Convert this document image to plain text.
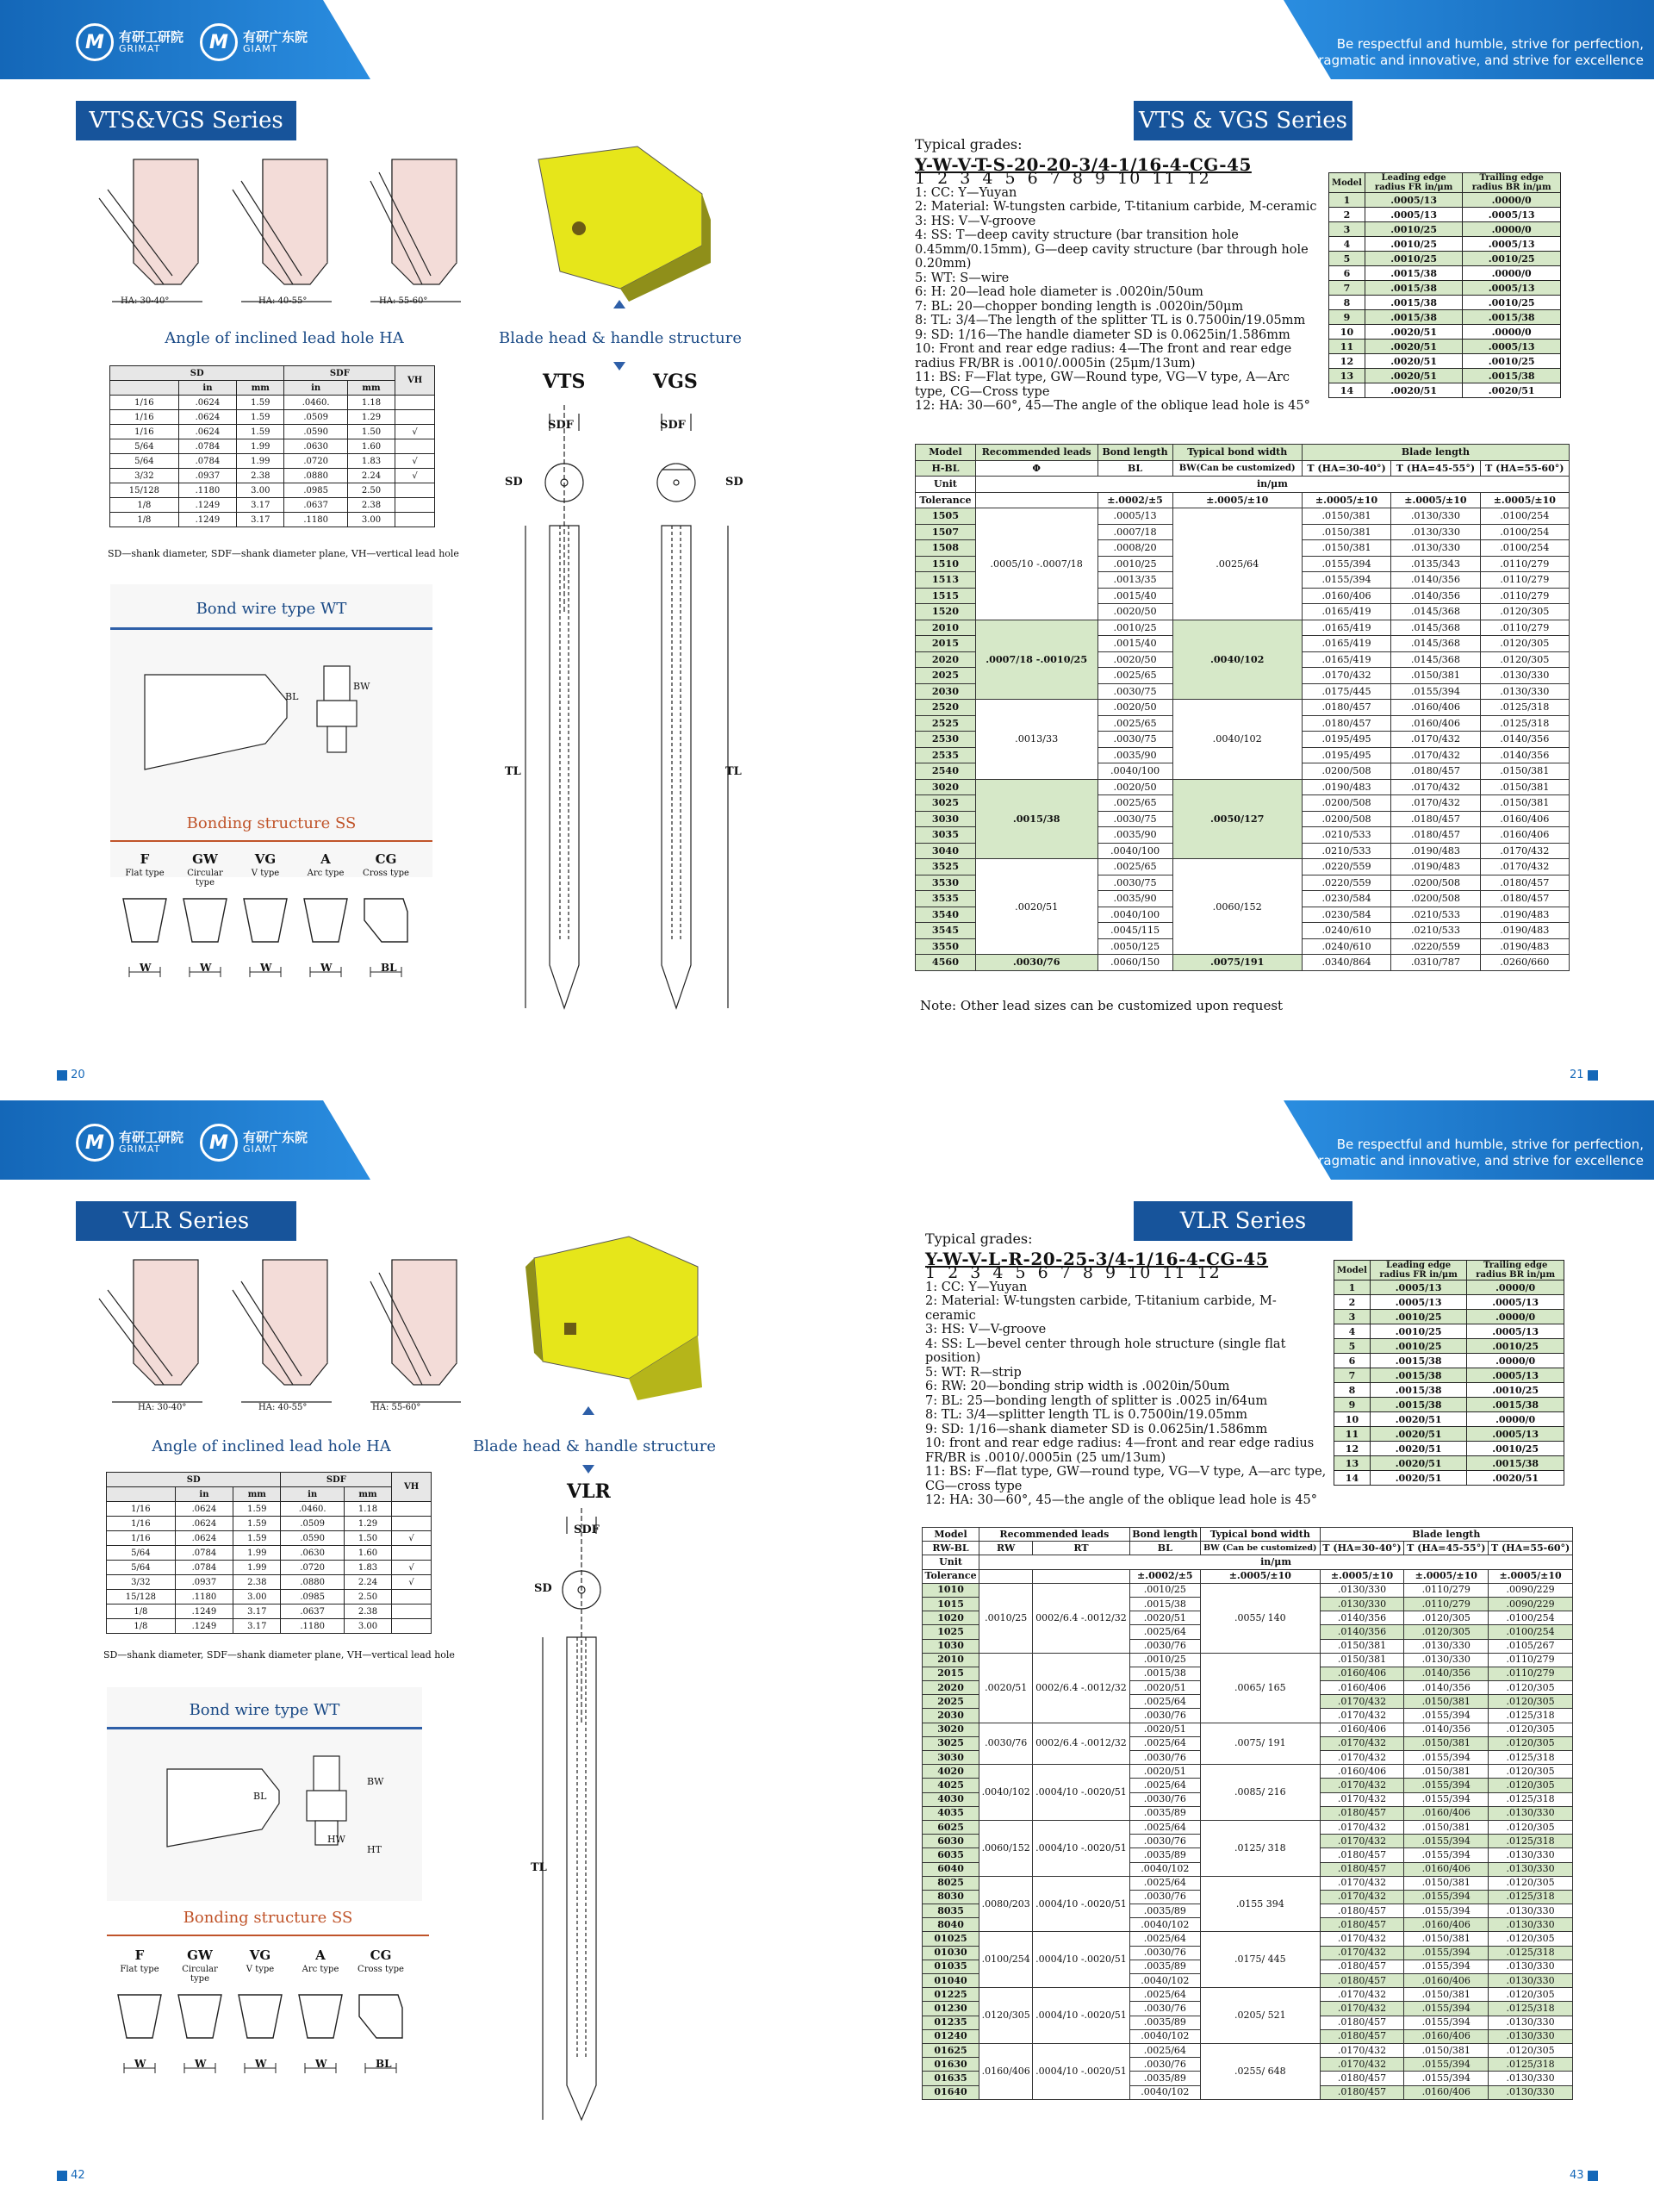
M	有研工研院
GRIMAT	M	有研广东院
GIAMT	Be respectful and humble, strive for perfection,
be pragmatic and innovative, and strive for excellence
VTS&VGS Series
HA: 30-40°	HA: 40-55°	HA: 55-60°
Angle of inclined lead hole HA	Blade head & handle structure
SD			SDF		VH
	in	mm	in	mm	
1/16	.0624	1.59	.0460.	1.18	
1/16	.0624	1.59	.0509	1.29	
1/16	.0624	1.59	.0590	1.50	√
5/64	.0784	1.99	.0630	1.60	
5/64	.0784	1.99	.0720	1.83	√
3/32	.0937	2.38	.0880	2.24	√
15/128	.1180	3.00	.0985	2.50	
1/8	.1249	3.17	.0637	2.38	
1/8	.1249	3.17	.1180	3.00	
SD—shank diameter, SDF—shank diameter plane, VH—vertical lead hole
Bond wire type WT
BL
BW
Bonding structure SS
F
Flat type
W
GW
Circular type
W
VG
V type
W
A
Arc type
W
CG
Cross type
BL
VTS	VGS
SDF	SDF
SD	SD
TL	TL
VTS & VGS Series
Typical grades:
Y-W-V-T-S-20-20-3/4-1/16-4-CG-45
1 2 3 4 5 6 7 8 9 10 11 12
1: CC: Y—Yuyan
2: Material: W-tungsten carbide, T-titanium carbide, M-ceramic
3: HS: V—V-groove
4: SS: T—deep cavity structure (bar transition hole 0.45mm/0.15mm), G—deep cavity structure (bar through hole 0.20mm)
5: WT: S—wire
6: H: 20—lead hole diameter is .0020in/50um
7: BL: 20—chopper bonding length is .0020in/50μm
8: TL: 3/4—The length of the splitter TL is 0.7500in/19.05mm
9: SD: 1/16—The handle diameter SD is 0.0625in/1.586mm
10: Front and rear edge radius: 4—The front and rear edge radius FR/BR is .0010/.0005in (25μm/13um)
11: BS: F—Flat type, GW—Round type, VG—V type, A—Arc type, CG—Cross type
12: HA: 30—60°, 45—The angle of the oblique lead hole is 45°
Model	Leading edge radius FR in/μm	Trailing edge radius BR in/μm
1	.0005/13	.0000/0
2	.0005/13	.0005/13
3	.0010/25	.0000/0
4	.0010/25	.0005/13
5	.0010/25	.0010/25
6	.0015/38	.0000/0
7	.0015/38	.0005/13
8	.0015/38	.0010/25
9	.0015/38	.0015/38
10	.0020/51	.0000/0
11	.0020/51	.0005/13
12	.0020/51	.0010/25
13	.0020/51	.0015/38
14	.0020/51	.0020/51
Model	Recommended leads	Bond length	Typical bond width	Blade length		
H-BL	Φ	BL	BW(Can be customized)	T (HA=30-40°)	T (HA=45-55°)	T (HA=55-60°)
Unit	in/μm					
Tolerance		±.0002/±5	±.0005/±10	±.0005/±10	±.0005/±10	±.0005/±10
1505	.0005/10 -.0007/18	.0005/13	.0025/64	.0150/381	.0130/330	.0100/254
1507		.0007/18		.0150/381	.0130/330	.0100/254
1508		.0008/20		.0150/381	.0130/330	.0100/254
1510		.0010/25		.0155/394	.0135/343	.0110/279
1513		.0013/35		.0155/394	.0140/356	.0110/279
1515		.0015/40		.0160/406	.0140/356	.0110/279
1520		.0020/50		.0165/419	.0145/368	.0120/305
2010	.0007/18 -.0010/25	.0010/25	.0040/102	.0165/419	.0145/368	.0110/279
2015		.0015/40		.0165/419	.0145/368	.0120/305
2020		.0020/50		.0165/419	.0145/368	.0120/305
2025		.0025/65		.0170/432	.0150/381	.0130/330
2030		.0030/75		.0175/445	.0155/394	.0130/330
2520	.0013/33	.0020/50	.0040/102	.0180/457	.0160/406	.0125/318
2525		.0025/65		.0180/457	.0160/406	.0125/318
2530		.0030/75		.0195/495	.0170/432	.0140/356
2535		.0035/90		.0195/495	.0170/432	.0140/356
2540		.0040/100		.0200/508	.0180/457	.0150/381
3020	.0015/38	.0020/50	.0050/127	.0190/483	.0170/432	.0150/381
3025		.0025/65		.0200/508	.0170/432	.0150/381
3030		.0030/75		.0200/508	.0180/457	.0160/406
3035		.0035/90		.0210/533	.0180/457	.0160/406
3040		.0040/100		.0210/533	.0190/483	.0170/432
3525	.0020/51	.0025/65	.0060/152	.0220/559	.0190/483	.0170/432
3530		.0030/75		.0220/559	.0200/508	.0180/457
3535		.0035/90		.0230/584	.0200/508	.0180/457
3540		.0040/100		.0230/584	.0210/533	.0190/483
3545		.0045/115		.0240/610	.0210/533	.0190/483
3550		.0050/125		.0240/610	.0220/559	.0190/483
4560	.0030/76	.0060/150	.0075/191	.0340/864	.0310/787	.0260/660
Note: Other lead sizes can be customized upon request

20	21

M	有研工研院
GRIMAT	M	有研广东院
GIAMT	Be respectful and humble, strive for perfection,
be pragmatic and innovative, and strive for excellence
VLR Series
HA: 30-40°	HA: 40-55°	HA: 55-60°
Angle of inclined lead hole HA	Blade head & handle structure
SD			SDF		VH
	in	mm	in	mm	
1/16	.0624	1.59	.0460.	1.18	
1/16	.0624	1.59	.0509	1.29	
1/16	.0624	1.59	.0590	1.50	√
5/64	.0784	1.99	.0630	1.60	
5/64	.0784	1.99	.0720	1.83	√
3/32	.0937	2.38	.0880	2.24	√
15/128	.1180	3.00	.0985	2.50	
1/8	.1249	3.17	.0637	2.38	
1/8	.1249	3.17	.1180	3.00	
SD—shank diameter, SDF—shank diameter plane, VH—vertical lead hole
Bond wire type WT
BL
BW
HW
HT
Bonding structure SS
F
Flat type
W
GW
Circular type
W
VG
V type
W
A
Arc type
W
CG
Cross type
BL
VLR
SDF
SD
TL
VLR Series
Typical grades:
Y-W-V-L-R-20-25-3/4-1/16-4-CG-45
1 2 3 4 5 6 7 8 9 10 11 12
1: CC: Y—Yuyan
2: Material: W-tungsten carbide, T-titanium carbide, M-ceramic
3: HS: V—V-groove
4: SS: L—bevel center through hole structure (single flat position)
5: WT: R—strip
6: RW: 20—bonding strip width is .0020in/50um
7: BL: 25—bonding length of splitter is .0025 in/64um
8: TL: 3/4—splitter length TL is 0.7500in/19.05mm
9: SD: 1/16—shank diameter SD is 0.0625in/1.586mm
10: front and rear edge radius: 4—front and rear edge radius FR/BR is .0010/.0005in (25 um/13um)
11: BS: F—flat type, GW—round type, VG—V type, A—arc type, CG—cross type
12: HA: 30—60°, 45—the angle of the oblique lead hole is 45°
Model	Leading edge radius FR in/μm	Trailing edge radius BR in/μm
1	.0005/13	.0000/0
2	.0005/13	.0005/13
3	.0010/25	.0000/0
4	.0010/25	.0005/13
5	.0010/25	.0010/25
6	.0015/38	.0000/0
7	.0015/38	.0005/13
8	.0015/38	.0010/25
9	.0015/38	.0015/38
10	.0020/51	.0000/0
11	.0020/51	.0005/13
12	.0020/51	.0010/25
13	.0020/51	.0015/38
14	.0020/51	.0020/51
Model	Recommended leads		Bond length	Typical bond width	Blade length		
RW-BL	RW	RT	BL	BW (Can be customized)	T (HA=30-40°)	T (HA=45-55°)	T (HA=55-60°)
Unit	in/μm						
Tolerance			±.0002/±5	±.0005/±10	±.0005/±10	±.0005/±10	±.0005/±10
1010	.0010/25	0002/6.4 -.0012/32	.0010/25	.0055/ 140	.0130/330	.0110/279	.0090/229
1015			.0015/38		.0130/330	.0110/279	.0090/229
1020			.0020/51		.0140/356	.0120/305	.0100/254
1025			.0025/64		.0140/356	.0120/305	.0100/254
1030			.0030/76		.0150/381	.0130/330	.0105/267
2010	.0020/51	0002/6.4 -.0012/32	.0010/25	.0065/ 165	.0150/381	.0130/330	.0110/279
2015			.0015/38		.0160/406	.0140/356	.0110/279
2020			.0020/51		.0160/406	.0140/356	.0120/305
2025			.0025/64		.0170/432	.0150/381	.0120/305
2030			.0030/76		.0170/432	.0155/394	.0125/318
3020	.0030/76	0002/6.4 -.0012/32	.0020/51	.0075/ 191	.0160/406	.0140/356	.0120/305
3025			.0025/64		.0170/432	.0150/381	.0120/305
3030			.0030/76		.0170/432	.0155/394	.0125/318
4020	.0040/102	.0004/10 -.0020/51	.0020/51	.0085/ 216	.0160/406	.0150/381	.0120/305
4025			.0025/64		.0170/432	.0155/394	.0120/305
4030			.0030/76		.0170/432	.0155/394	.0125/318
4035			.0035/89		.0180/457	.0160/406	.0130/330
6025	.0060/152	.0004/10 -.0020/51	.0025/64	.0125/ 318	.0170/432	.0150/381	.0120/305
6030			.0030/76		.0170/432	.0155/394	.0125/318
6035			.0035/89		.0180/457	.0155/394	.0130/330
6040			.0040/102		.0180/457	.0160/406	.0130/330
8025	.0080/203	.0004/10 -.0020/51	.0025/64	.0155 394	.0170/432	.0150/381	.0120/305
8030			.0030/76		.0170/432	.0155/394	.0125/318
8035			.0035/89		.0180/457	.0155/394	.0130/330
8040			.0040/102		.0180/457	.0160/406	.0130/330
01025	.0100/254	.0004/10 -.0020/51	.0025/64	.0175/ 445	.0170/432	.0150/381	.0120/305
01030			.0030/76		.0170/432	.0155/394	.0125/318
01035			.0035/89		.0180/457	.0155/394	.0130/330
01040			.0040/102		.0180/457	.0160/406	.0130/330
01225	.0120/305	.0004/10 -.0020/51	.0025/64	.0205/ 521	.0170/432	.0150/381	.0120/305
01230			.0030/76		.0170/432	.0155/394	.0125/318
01235			.0035/89		.0180/457	.0155/394	.0130/330
01240			.0040/102		.0180/457	.0160/406	.0130/330
01625	.0160/406	.0004/10 -.0020/51	.0025/64	.0255/ 648	.0170/432	.0150/381	.0120/305
01630			.0030/76		.0170/432	.0155/394	.0125/318
01635			.0035/89		.0180/457	.0155/394	.0130/330
01640			.0040/102		.0180/457	.0160/406	.0130/330

42	43
